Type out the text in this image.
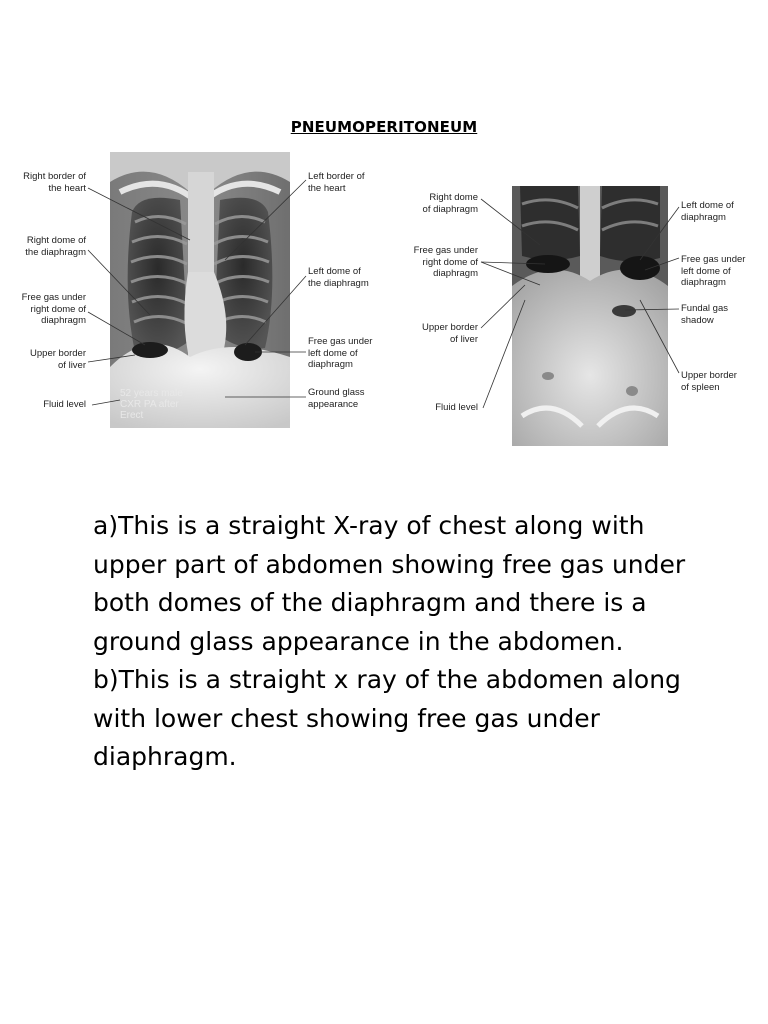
PNEUMOPERITONEUM
52 years male
CXR PA after
Erect
Right border of
the heart
Right dome of
the diaphragm
Free gas under
right dome of
diaphragm
Upper border
of liver
Fluid level
Left border of
the heart
Left dome of
the diaphragm
Free gas under
left dome of
diaphragm
Ground glass
appearance
Right dome
of diaphragm
Free gas under
right dome of
diaphragm
Upper border
of liver
Fluid level
Left dome of
diaphragm
Free gas under
left dome of
diaphragm
Fundal gas
shadow
Upper border
of spleen
a)This is a straight X-ray of chest along with upper part of abdomen showing free gas under both domes of the diaphragm and there is a ground glass appearance in the abdomen.
b)This is a straight x ray of the abdomen along with lower chest showing free gas under diaphragm.
